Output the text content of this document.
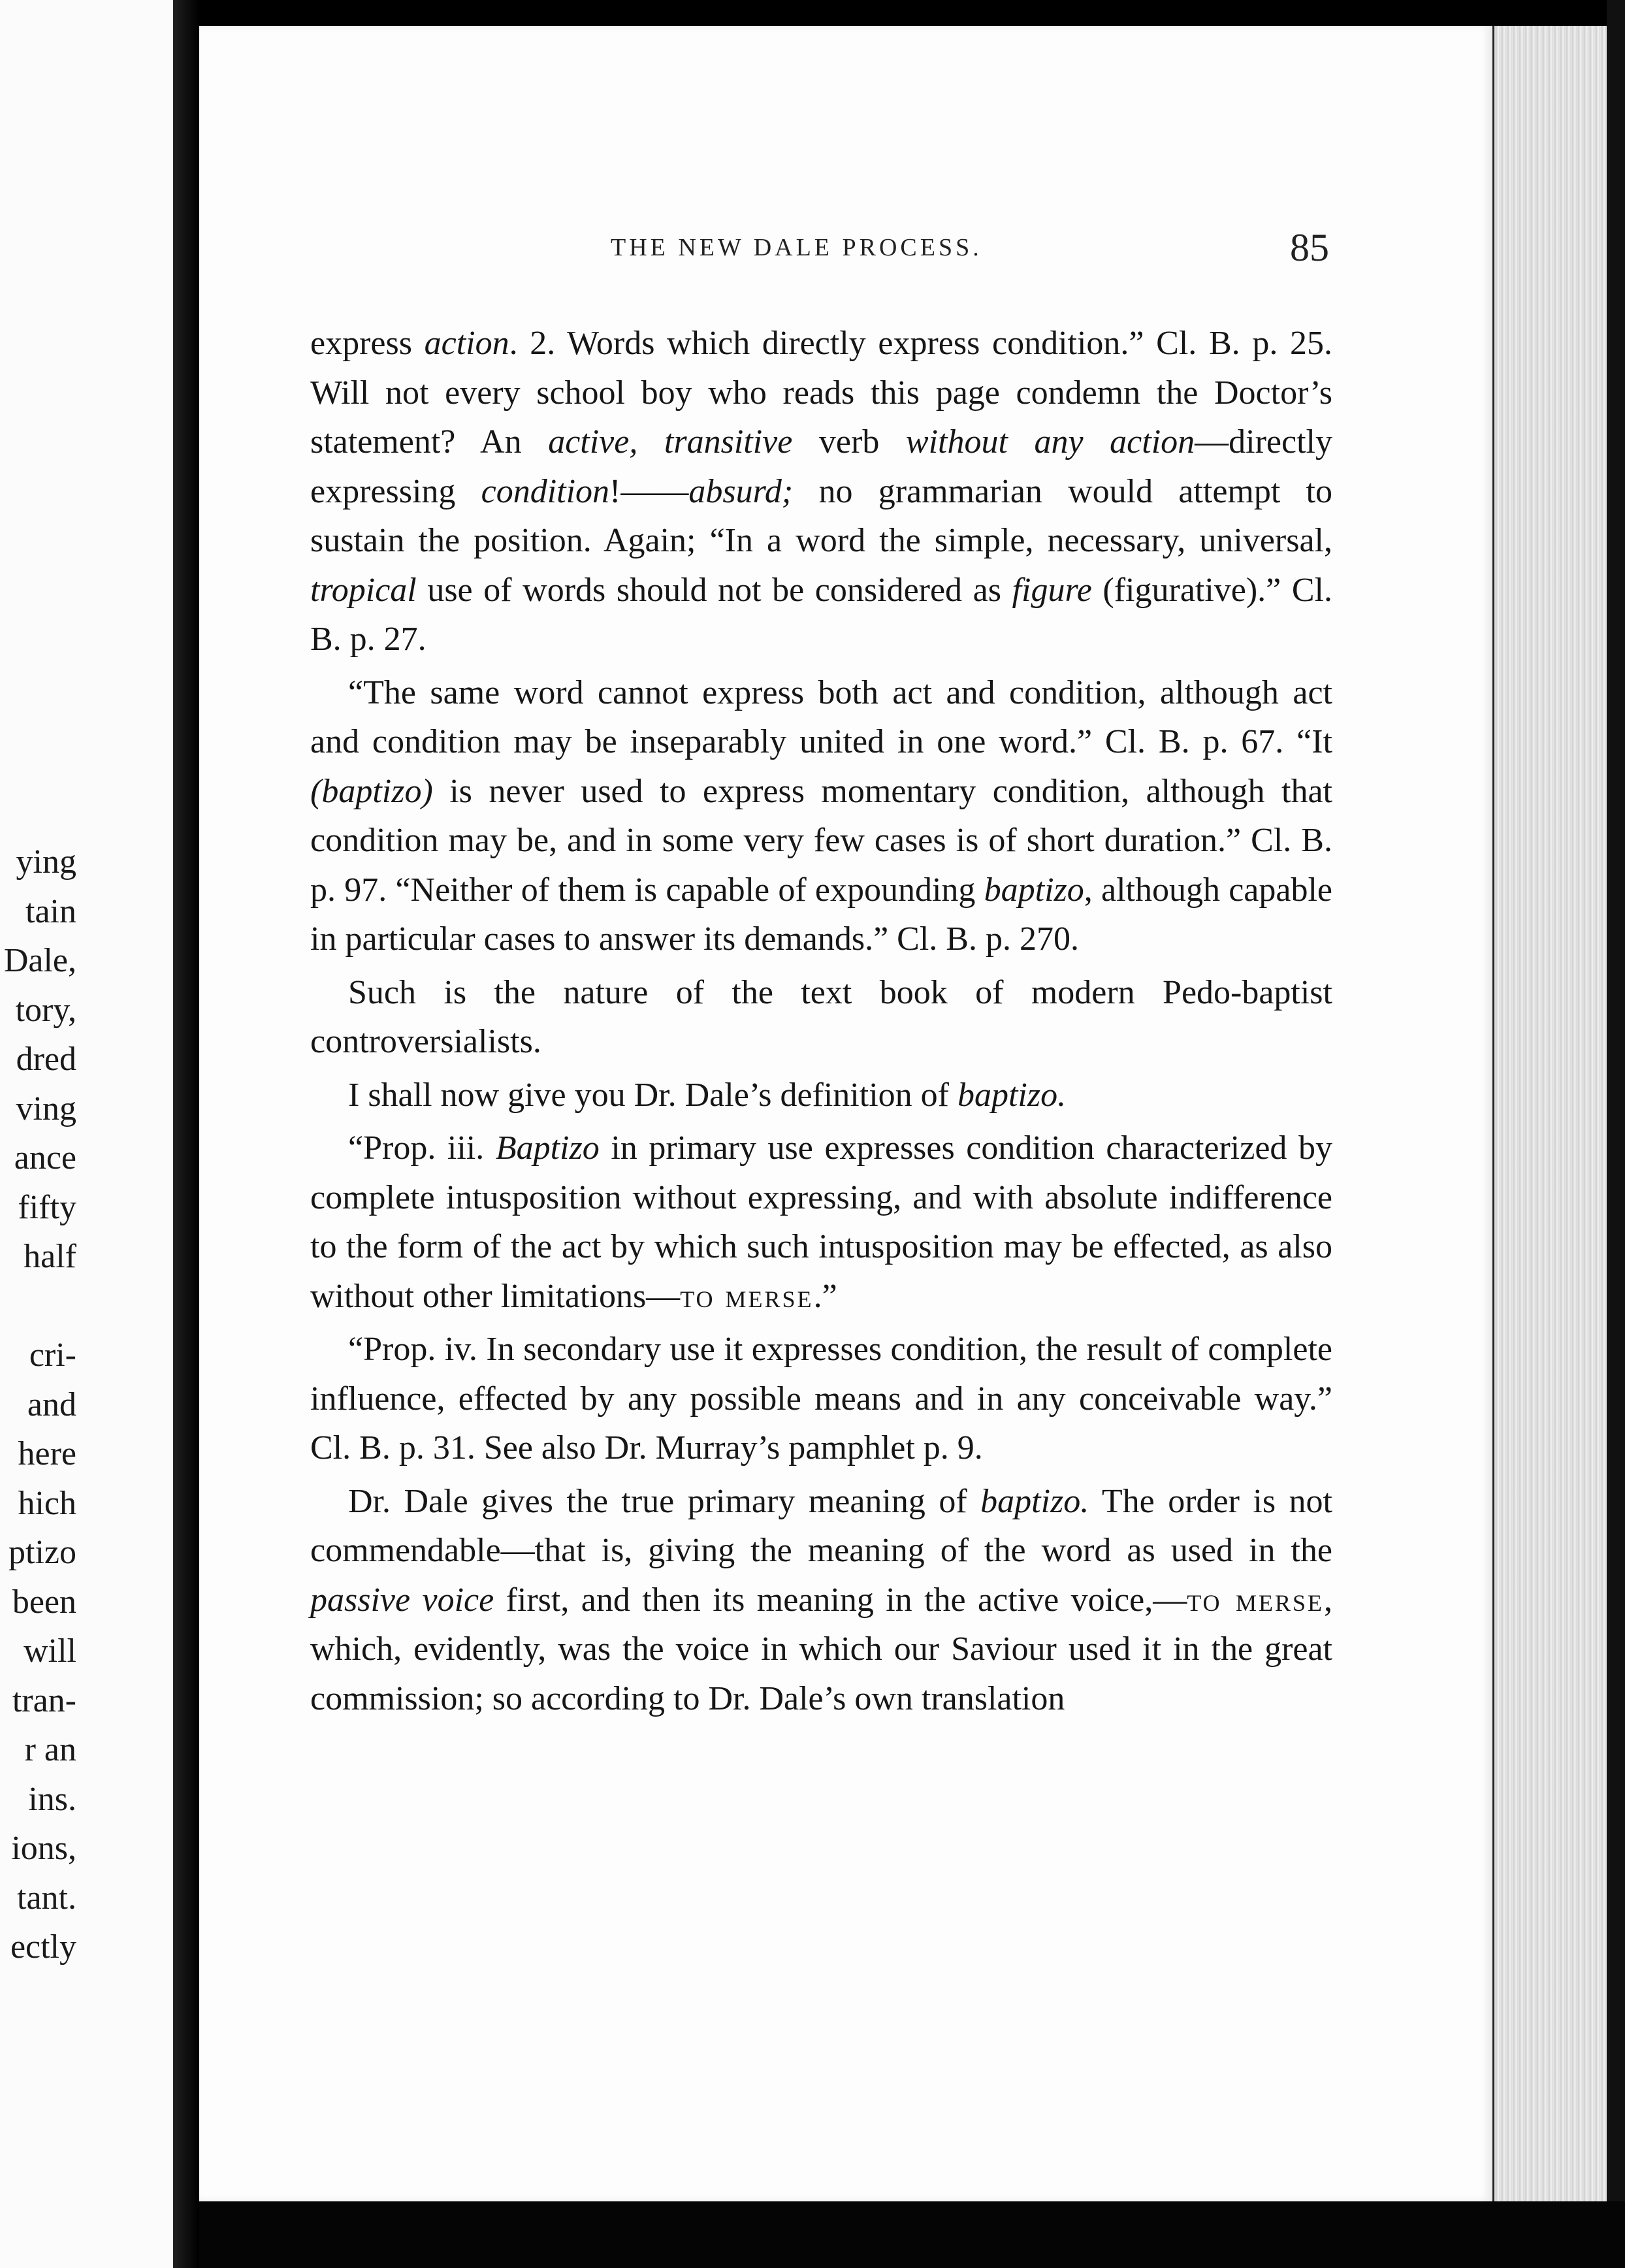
ying
tain
Dale,
tory,
dred
ving
ance
fifty
half
cri-
and
here
hich
ptizo
been
will
tran-
r an
ins.
ions,
tant.
ectly
THE NEW DALE PROCESS.	85

express action. 2. Words which directly express condition.” Cl. B. p. 25. Will not every school boy who reads this page condemn the Doctor’s statement? An active, transitive verb without any action—directly expressing condition!——absurd; no grammarian would attempt to sustain the position. Again; “In a word the simple, necessary, universal, tropical use of words should not be considered as figure (figurative).” Cl. B. p. 27.

“The same word cannot express both act and condition, although act and condition may be inseparably united in one word.” Cl. B. p. 67. “It (baptizo) is never used to express momentary condition, although that condition may be, and in some very few cases is of short duration.” Cl. B. p. 97. “Neither of them is capable of expounding baptizo, although capable in particular cases to answer its demands.” Cl. B. p. 270.

Such is the nature of the text book of modern Pedo-baptist controversialists.

I shall now give you Dr. Dale’s definition of baptizo.

“Prop. iii. Baptizo in primary use expresses condition characterized by complete intusposition without expressing, and with absolute indifference to the form of the act by which such intusposition may be effected, as also without other limitations—to merse.”

“Prop. iv. In secondary use it expresses condition, the result of complete influence, effected by any possible means and in any conceivable way.” Cl. B. p. 31. See also Dr. Murray’s pamphlet p. 9.

Dr. Dale gives the true primary meaning of baptizo. The order is not commendable—that is, giving the meaning of the word as used in the passive voice first, and then its meaning in the active voice,—to merse, which, evidently, was the voice in which our Saviour used it in the great commission; so according to Dr. Dale’s own translation
